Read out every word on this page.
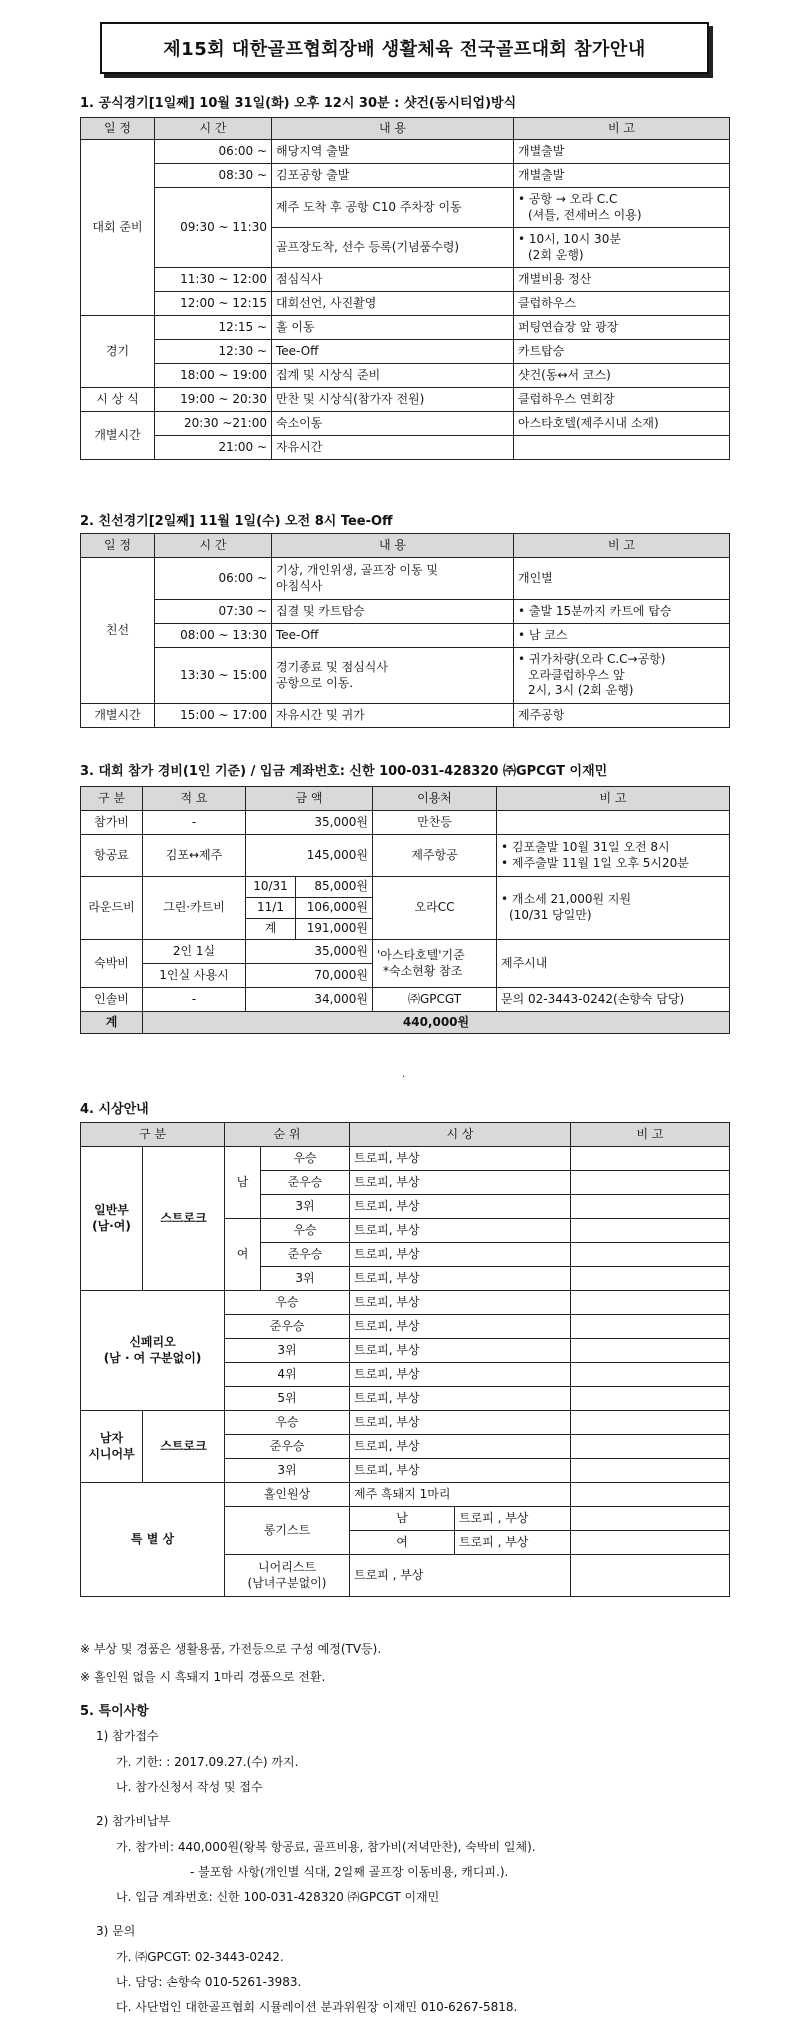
제15회 대한골프협회장배 생활체육 전국골프대회 참가안내
1. 공식경기[1일째] 10월 31일(화) 오후 12시 30분 : 샷건(동시티업)방식
일 정	시 간	내 용	비 고
대회 준비	06:00 ~	해당지역 출발	개별출발
	08:30 ~	김포공항 출발	개별출발
	09:30 ~ 11:30	제주 도착 후 공항 C10 주차장 이동	• 공항 → 오라 C.C
(셔틀, 전세버스 이용)

		골프장도착, 선수 등록(기념품수령)	• 10시, 10시 30분
(2회 운행)

	11:30 ~ 12:00	점심식사	개별비용 정산
	12:00 ~ 12:15	대회선언, 사진촬영	클럽하우스
경기	12:15 ~	홀 이동	퍼팅연습장 앞 광장
	12:30 ~	Tee-Off	카트탑승
	18:00 ~ 19:00	집계 및 시상식 준비	샷건(동↔서 코스)
시 상 식	19:00 ~ 20:30	만찬 및 시상식(참가자 전원)	클럽하우스 연회장
개별시간	20:30 ~21:00	숙소이동	아스타호텔(제주시내 소재)
	21:00 ~	자유시간	
2. 친선경기[2일째] 11월 1일(수) 오전 8시 Tee-Off
일 정	시 간	내 용	비 고
친선	06:00 ~	기상, 개인위생, 골프장 이동 및
아침식사	개인별
	07:30 ~	집결 및 카트탑승	• 출발 15분까지 카트에 탑승
	08:00 ~ 13:30	Tee-Off	• 남 코스
	13:30 ~ 15:00	경기종료 및 점심식사
공항으로 이동.	• 귀가차량(오라 C.C→공항)
오라클럽하우스 앞
2시, 3시 (2회 운행)

개별시간	15:00 ~ 17:00	자유시간 및 귀가	제주공항
3. 대회 참가 경비(1인 기준) / 입금 계좌번호: 신한 100-031-428320 ㈜GPCGT 이재민
구 분	적 요	금 액		이용처	비 고
참가비	-	35,000원		만찬등	
항공료	김포↔제주	145,000원		제주항공	• 김포출발 10월 31일 오전 8시
• 제주출발 11월 1일 오후 5시20분

라운드비	그린·카트비	10/31	85,000원	오라CC	• 개소세 21,000원 지원
(10/31 당일만)

		11/1	106,000원		
		계	191,000원		
숙박비	2인 1실	35,000원		'아스타호텔'기준
*숙소현황 참조	제주시내
	1인실 사용시	70,000원			
인솔비	-	34,000원		㈜GPCGT	문의 02-3443-0242(손향숙 담당)
계	440,000원				
·
4. 시상안내
구 분		순 위		시 상		비 고

일반부
(남·여)	스트로크	남	우승	트로피, 부상		
			준우승	트로피, 부상		
			3위	트로피, 부상		
		여	우승	트로피, 부상		
			준우승	트로피, 부상		
			3위	트로피, 부상		

신페리오
(남 · 여 구분없이)		우승		트로피, 부상		
		준우승		트로피, 부상		
		3위		트로피, 부상		
		4위		트로피, 부상		
		5위		트로피, 부상		

남자
시니어부	스트로크	우승		트로피, 부상		
		준우승		트로피, 부상		
		3위		트로피, 부상		
특 별 상		홀인원상		제주 흑돼지 1마리		
		롱기스트		남	트로피 , 부상	
				여	트로피 , 부상	

		니어리스트
(남녀구분없이)		트로피 , 부상		
※ 부상 및 경품은 생활용품, 가전등으로 구성 예정(TV등).
※ 홀인원 없을 시 흑돼지 1마리 경품으로 전환.
5. 특이사항
1) 참가접수
가. 기한: : 2017.09.27.(수) 까지.
나. 참가신청서 작성 및 접수
2) 참가비납부
가. 참가비: 440,000원(왕복 항공료, 골프비용, 참가비(저녁만찬), 숙박비 일체).
- 불포함 사항(개인별 식대, 2일째 골프장 이동비용, 캐디피.).
나. 입금 계좌번호: 신한 100-031-428320 ㈜GPCGT 이재민
3) 문의
가. ㈜GPCGT: 02-3443-0242.
나. 담당: 손향숙 010-5261-3983.
다. 사단법인 대한골프협회 시뮬레이션 분과위원장 이재민 010-6267-5818.
